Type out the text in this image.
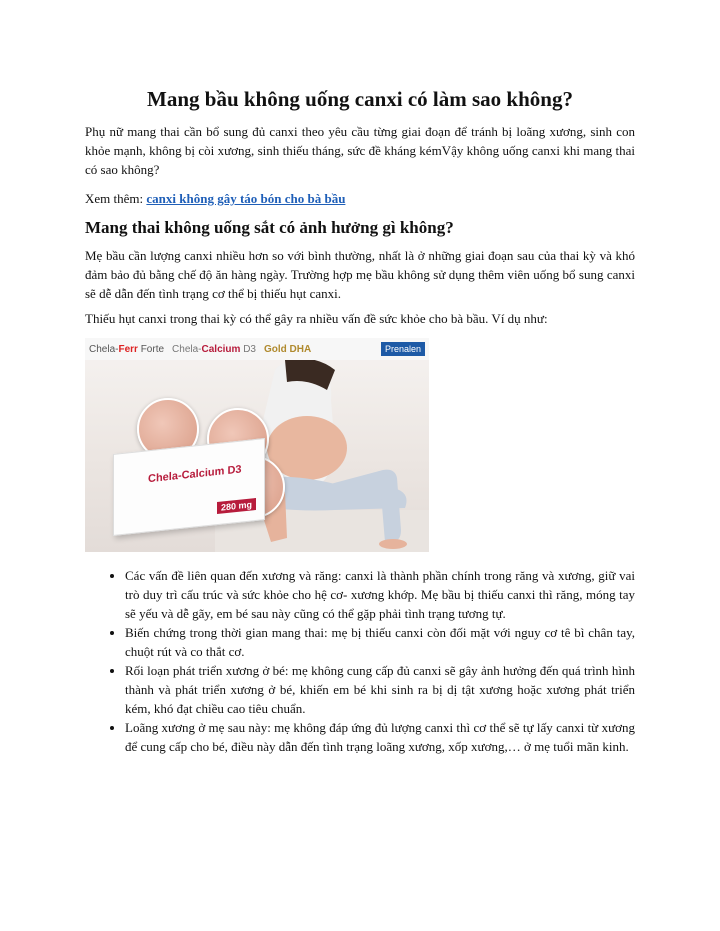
Mang bầu không uống canxi có làm sao không?

Phụ nữ mang thai cần bổ sung đủ canxi theo yêu cầu từng giai đoạn để tránh bị loãng xương, sinh con khỏe mạnh, không bị còi xương, sinh thiếu tháng, sức đề kháng kémVậy không uống canxi khi mang thai có sao không?

Xem thêm: canxi không gây táo bón cho bà bầu

Mang thai không uống sắt có ảnh hưởng gì không?

Mẹ bầu cần lượng canxi nhiều hơn so với bình thường, nhất là ở những giai đoạn sau của thai kỳ và khó đảm bảo đủ bằng chế độ ăn hàng ngày. Trường hợp mẹ bầu không sử dụng thêm viên uống bổ sung canxi sẽ dễ dẫn đến tình trạng cơ thể bị thiếu hụt canxi.

Thiếu hụt canxi trong thai kỳ có thể gây ra nhiều vấn đề sức khỏe cho bà bầu. Ví dụ như:

Chela-Ferr Forte Chela-Calcium D3 Gold DHA	Prenalen
Chela-Calcium D3
280 mg
• Các vấn đề liên quan đến xương và răng: canxi là thành phần chính trong răng và xương, giữ vai trò duy trì cấu trúc và sức khỏe cho hệ cơ- xương khớp. Mẹ bầu bị thiếu canxi thì răng, móng tay sẽ yếu và dễ gãy, em bé sau này cũng có thể gặp phải tình trạng tương tự.
• Biến chứng trong thời gian mang thai: mẹ bị thiếu canxi còn đối mặt với nguy cơ tê bì chân tay, chuột rút và co thắt cơ.
• Rối loạn phát triển xương ở bé: mẹ không cung cấp đủ canxi sẽ gây ảnh hưởng đến quá trình hình thành và phát triển xương ở bé, khiến em bé khi sinh ra bị dị tật xương hoặc xương phát triển kém, khó đạt chiều cao tiêu chuẩn.
• Loãng xương ở mẹ sau này: mẹ không đáp ứng đủ lượng canxi thì cơ thể sẽ tự lấy canxi từ xương để cung cấp cho bé, điều này dẫn đến tình trạng loãng xương, xốp xương,… ở mẹ tuổi mãn kinh.
